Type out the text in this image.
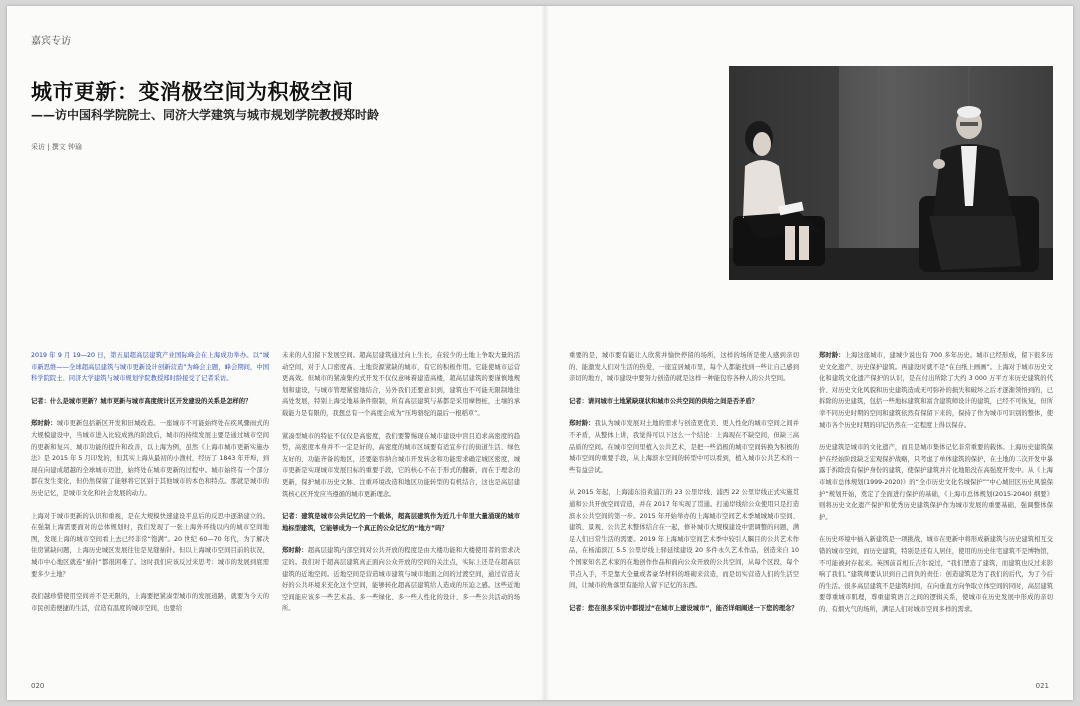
嘉宾专访
城市更新：变消极空间为积极空间
——访中国科学院院士、同济大学建筑与城市规划学院教授郑时龄
采访 | 撰文 钟瑜

2019 年 9 月 19—20 日，第五届超高层建筑产业国际峰会在上海成功举办。以“城市新思维——全球超高层建筑与城市更新设计创新营造”为峰会主题，峰会期间，中国科学院院士、同济大学建筑与城市规划学院教授郑时龄接受了记者采访。

记者：什么是城市更新？城市更新与城市高度统计区开发建设的关系是怎样的？

郑时龄：城市更新包括新区开发和旧城改造。一座城市不可能始终处在疾风骤雨式的大规模建设中，当城市进入比较成熟的阶段后，城市的持续发展主要是通过城市空间的更新和复兴、城市功能的提升和改善，以上海为例，虽然《上海市城市更新实施办法》是 2015 年 5 月印发的，但其实上海从最初的小渔村，经历了 1843 年开埠，到现在向建成超越的全球城市迈进，始终处在城市更新的过程中。城市始终有一个部分都在发生变化，但仍然保留了能够将它区别于其他城市的本色和特点。那就是城市的历史记忆，是城市文化和社会发展的动力。

上海对于城市更新的认识和重视，是在大规模快速建设平息后的反思中逐渐建立的。在强制上海需要面对的总体规划时，我们发现了一张上海外环线以内的城市空间地图，发现上海的城市空间看上去已经非常“饱满”。20 世纪 60—70 年代，为了解决住房紧缺问题，上海历史城区发展往往是见缝插针。但以上海城市空间目前的状况，城市中心地区就连“插针”都很困难了。这时我们应该反过来思考：城市的发展到底需要多少土地？

我们越珍惜使用空间并不是无限的，上海要把紧凑型城市的发展道路，就要为今天的市民创造便捷的生活，营造有温度的城市空间，也要给

未来的人们留下发展空间。超高层建筑通过向上生长，在较少的土地上争取大量的活动空间，对于人口密度高、土地资源紧缺的城市，有它的积极作用。它能使城市运营更高效。但城市的紧凑集约式开发不仅仅意味着建造高楼，超高层建筑的要谨慎地规划和建设，与城市管理紧密地结合，另外我们还要意识到，建筑也不可能无限制地往高处发展，特别上海受地基条件限制，所有高层建筑与基都是采用摩擦桩，土壤的承载能力是有限的，我想总有一个高度会成为“压垮骆驼的最后一根稻草”。

紧凑型城市的特征不仅仅是高密度，我们要警惕现在城市建设中盲目追求高密度的趋势，高密度本身并不一定是好的，高密度的城市区域要有适宜步行的街道生活、绿色友好的、功能齐备的地区，还要能容纳合城市开发转念和功能需求确定城区密度，城市更新是实现城市发展目标的重要手段，它的核心不在于形式的翻新，而在于理念的更新，保护城市历史文脉、注重环境改造和地区功能转型的有机结合，这也是高层建筑核心区开发应当遵循的城市更新理念。

记者：建筑是城市公共记忆的一个载体，超高层建筑作为近几十年里大量涌现的城市地标型建筑，它能够成为一个真正的公众记忆的“地方”吗？

郑时龄：超高层建筑内部空间对公共开放的程度是由大楼功能和大楼使用者的需求决定的。我们对于超高层建筑真正面向公众开放的空间的关注点，实际上还是在超高层建筑的近地空间。近地空间是营造城市建筑与城市地面之间的过渡空间，通过营造友好的公共环境来充化这个空间，能够转化超高层建筑给人造成的压迫之感。这些近地空间能应该多一些艺术品、多一些绿化、多一些人性化的设计、多一些公共活动的场所。

重要的是，城市要有能让人欣赏并愉快停留的场所，这样的场所是使人感到亲切的、能激发人们对生活的热爱，一座宜居城市里，每个人都能找到一些让自己感到亲切的地方，城市建设中要努力创造的就是这样一种能包容各种人的公共空间。

记者：请问城市土地紧缺现状和城市公共空间的供给之间是否矛盾？

郑时龄：我认为城市发展对土地的需求与创造更优美、更人性化的城市空间之间并不矛盾，从整体上讲，我觉得可以下这么一个结论：上海现在不缺空间，但缺三高品质的空间。在城市空间里植入公共艺术，是把一些消极的城市空间转换为积极的城市空间的重要手段，从上海滨水空间的转型中可以看到，植入城市公共艺术的一些有益尝试。

从 2015 年起，上海浦东沿黄浦江的 23 公里岸线、浦西 22 公里岸线正式实施贯通和公共开放空间营造，并在 2017 年实现了贯通。打通岸线给公众使用只是打造滨水公共空间的第一步。2015 年开始举办的上海城市空间艺术季城城城市空间、建筑、景观、公共艺术整体结合在一起，修补城市大规模建设中需调整的问题，满足人们日常生活的需要。2019 年上海城市空间艺术季中较引人瞩目的公共艺术作品，在杨浦滨江 5.5 公里岸线上驿延续建设 20 多件永久艺术作品，创造来自 10 个国家知名艺术家的在地创作作品和面向公众开放的公共空间，从每个区段，每个节点入手，不是靠大全量或者豪华材料的堆砌来营造，而是切实营造人们的生活空间，让城市的角落里有能给人留下记忆的东西。

记者：您在很多采访中都提过“在城市上建设城市”，能否详细阐述一下您的理念？

郑时龄：上海这座城市，建城少说也有 700 多年历史。城市已经形成，留下很多历史文化遗产、历史保护建筑。再建设时就不是“在白纸上画画”。上海对于城市历史文化和建筑文化遗产保护的认识，是在付出所除了大约 3 000 万平方米历史建筑的代价、对历史文化风貌和历史建筑造成无可弥补的损失和破坏之后才逐渐领悟到的，已拆除的历史建筑，包括一些地标建筑和富含建筑师设计的建筑，已经不可恢复，但所幸不同历史时期的空间和建筑依然有保留下来的，保持了作为城市可识别的整体，使城市各个历史时期的印记仍然在一定程度上得以保存。

历史建筑是城市的文化遗产，而且是城市集体记忆非常重要的载体。上海历史建筑保护在经始阶段缺乏宏观保护战略，只考虑了单体建筑的保护，在土地的二次开发中暴露于拆除没有保护身份的建筑，使保护建筑并片化地陷没在高强度开发中。从《上海市城市总体规划(1999-2020)》的“全市历史文化名城保护”“中心城旧区历史风貌保护”规划开始，奠定了全面进行保护的基础，《上海市总体规划(2015-2040) 纲要》则将历史文化遗产保护和优秀历史建筑保护作为城市发展的重要基础，强调整体保护。

在历史环境中插入新建筑是一项挑战，城市在更新中将形成新建筑与历史建筑相互交错的城市空间，而历史建筑，特别是还有人居住，使用的历史住宅建筑不是博物馆，不可能被封存起来。英国前首相丘吉尔说过，“我们塑造了建筑，而建筑也反过来影响了我们。”建筑师要认识到自己肩负的责任：创造建筑是为了我们的后代，为了今后的生活。很多高层建筑不是建筑时间，在向垂直方向争取立体空间的同时，高层建筑要尊重城市肌理，尊重建筑语言之间的逻辑关系，使城市在历史发展中形成的亲切的、有烟火气的场所，满足人们对城市空间多样的需求。

020	021
